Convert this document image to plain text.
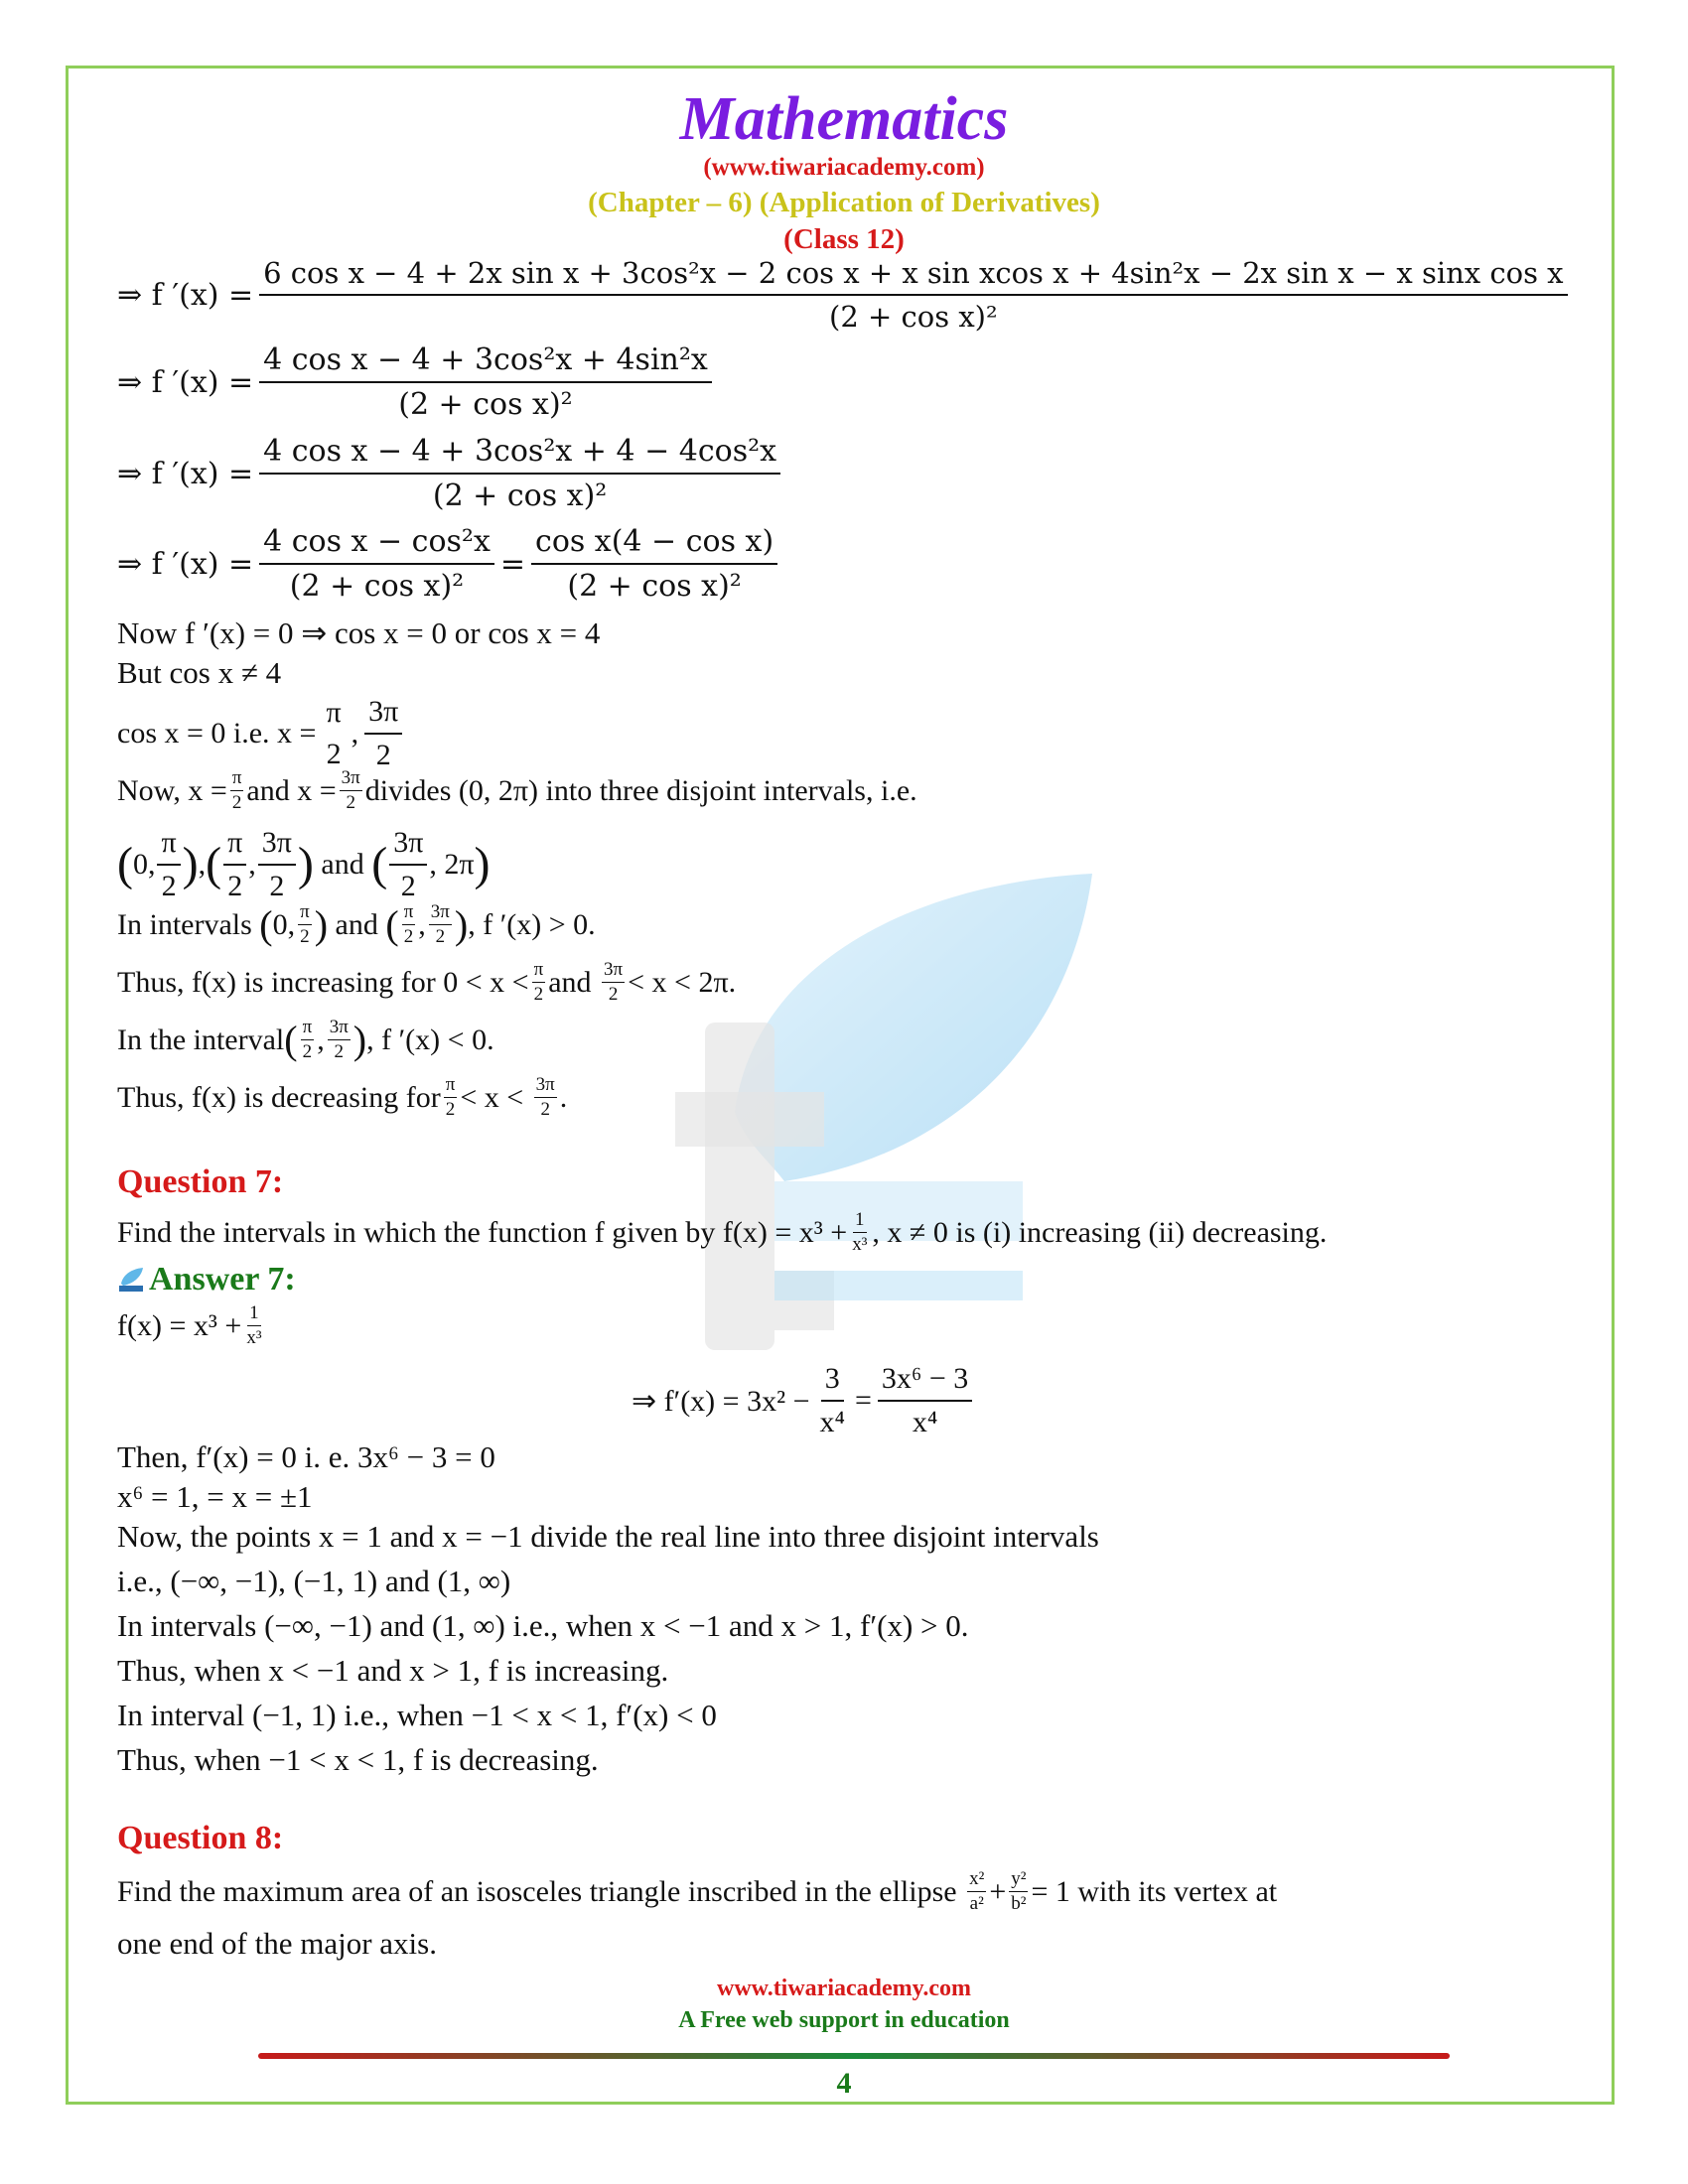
Mathematics
(www.tiwariacademy.com)
(Chapter – 6) (Application of Derivatives)
(Class 12)
⇒ f ′(x) =
6 cos x − 4 + 2x sin x + 3cos²x − 2 cos x + x sin xcos x + 4sin²x − 2x sin x − x sinx cos x
(2 + cos x)²
⇒ f $'(x) = \frac{\text{4 cos x − 4 + 3cos²x + 4sin²x}}{\text{(2 + cos x)²}}$
⇒ f $'(x) = \frac{\text{4 cos x − 4 + 3cos²x + 4 − 4cos²x}}{\text{(2 + cos x)²}}$
⇒ f $'(x) = \frac{\text{4 cos x − cos²x}}{\text{(2 + cos x)²}} = \frac{\text{cos x(4 − cos x)}}{\text{(2 + cos x)²}}$
Now f ′(x) = 0 ⇒ cos x = 0 or cos x = 4
But cos x ≠ 4
cos x = 0 i.e. x =
π
2
, $\frac{3\pi}{2}$
Now, $x = \frac{\pi}{2}$ and
$x = \frac{3\pi}{2}$ divides (0, 2π) into three disjoint intervals, i.e.
( 0, $\frac{\pi}{2}$ ) , ( $\frac{\pi}{2}$ , $\frac{3\pi}{2}$ )
and
( $\frac{3\pi}{2}$ , 2π )
In intervals
( 0, $\frac{\pi}{2}$ )
and
( $\frac{\pi}{2}$ , $\frac{3\pi}{2}$ ) , f ′(x) > 0.
Thus, f(x) is increasing for $0 < x < \frac{\pi}{2}$ and
$\frac{3\pi}{2} < x < 2\pi$.
In the interval ( $\frac{\pi}{2}$ , $\frac{3\pi}{2}$ ) , f ′(x) < 0.
Thus, f(x) is decreasing for $\frac{\pi}{2} < x$ <
$\frac{3\pi}{2}$ .
Question 7:
Find the intervals in which the function f given by $f(x) = x^3 + \frac{1}{\text{x³}}$ , x ≠ 0 is (i) increasing (ii) decreasing.
Answer 7:
$f(x) = x^3 + \frac{1}{\text{x³}}$
⇒ $f'(x) = 3x^2 - \frac{3}{\text{x⁴}} = \frac{\text{3x⁶ − 3}}{\text{x⁴}}$
Then, f′(x) = 0 i. e. 3x⁶ − 3 = 0
x⁶ = 1, = x = ±1
Now, the points x = 1 and x = −1 divide the real line into three disjoint intervals
i.e., (−∞, −1), (−1, 1) and (1, ∞)
In intervals (−∞, −1) and (1, ∞) i.e., when x < −1 and x > 1, f′(x) > 0.
Thus, when x < −1 and x > 1, f is increasing.
In interval (−1, 1) i.e., when −1 < x < 1, f′(x) < 0
Thus, when −1 < x < 1, f is decreasing.
Question 8:
Find the maximum area of an isosceles triangle inscribed in the ellipse
$\frac{\text{x²}}{\text{a²}} + \frac{\text{y²}}{\text{b²}} = 1$ with its vertex at
one end of the major axis.
www.tiwariacademy.com
A Free web support in education
4
